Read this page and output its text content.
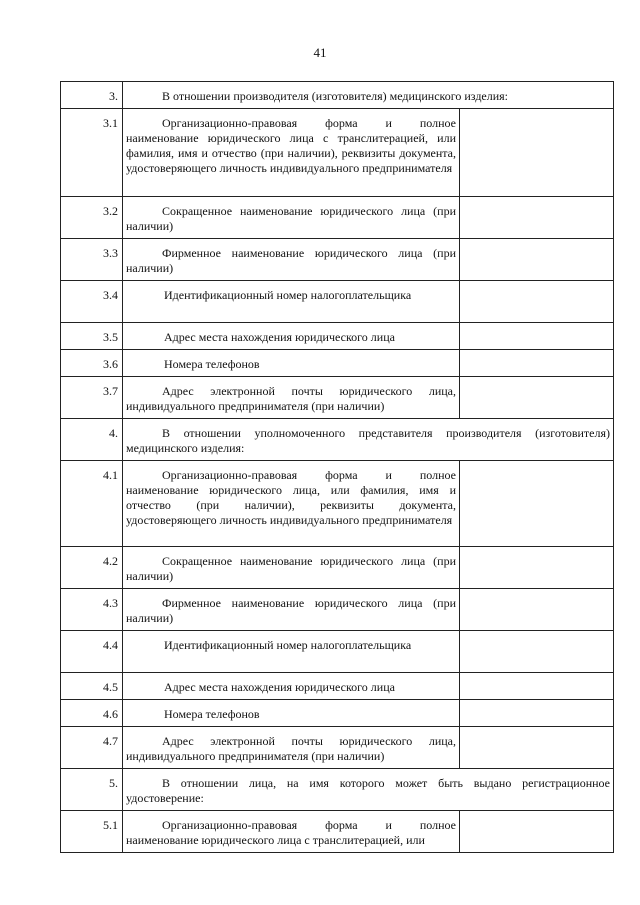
41
3.	В отношении производителя (изготовителя) медицинского изделия:	

3.1	Организационно-правовая форма и полное наименование юридического лица с транслитерацией, или фамилия, имя и отчество (при наличии), реквизиты документа, удостоверяющего личность индивидуального предпринимателя	

3.2	Сокращенное наименование юридического лица (при наличии)	

3.3	Фирменное наименование юридического лица (при наличии)	

3.4	Идентификационный номер налогоплательщика	

3.5	Адрес места нахождения юридического лица	

3.6	Номера телефонов	

3.7	Адрес электронной почты юридического лица, индивидуального предпринимателя (при наличии)	

4.	В отношении уполномоченного представителя производителя (изготовителя) медицинского изделия:	

4.1	Организационно-правовая форма и полное наименование юридического лица, или фамилия, имя и отчество (при наличии), реквизиты документа, удостоверяющего личность индивидуального предпринимателя	

4.2	Сокращенное наименование юридического лица (при наличии)	

4.3	Фирменное наименование юридического лица (при наличии)	

4.4	Идентификационный номер налогоплательщика	

4.5	Адрес места нахождения юридического лица	

4.6	Номера телефонов	

4.7	Адрес электронной почты юридического лица, индивидуального предпринимателя (при наличии)	

5.	В отношении лица, на имя которого может быть выдано регистрационное удостоверение:	

5.1	Организационно-правовая форма и полное наименование юридического лица с транслитерацией, или	
